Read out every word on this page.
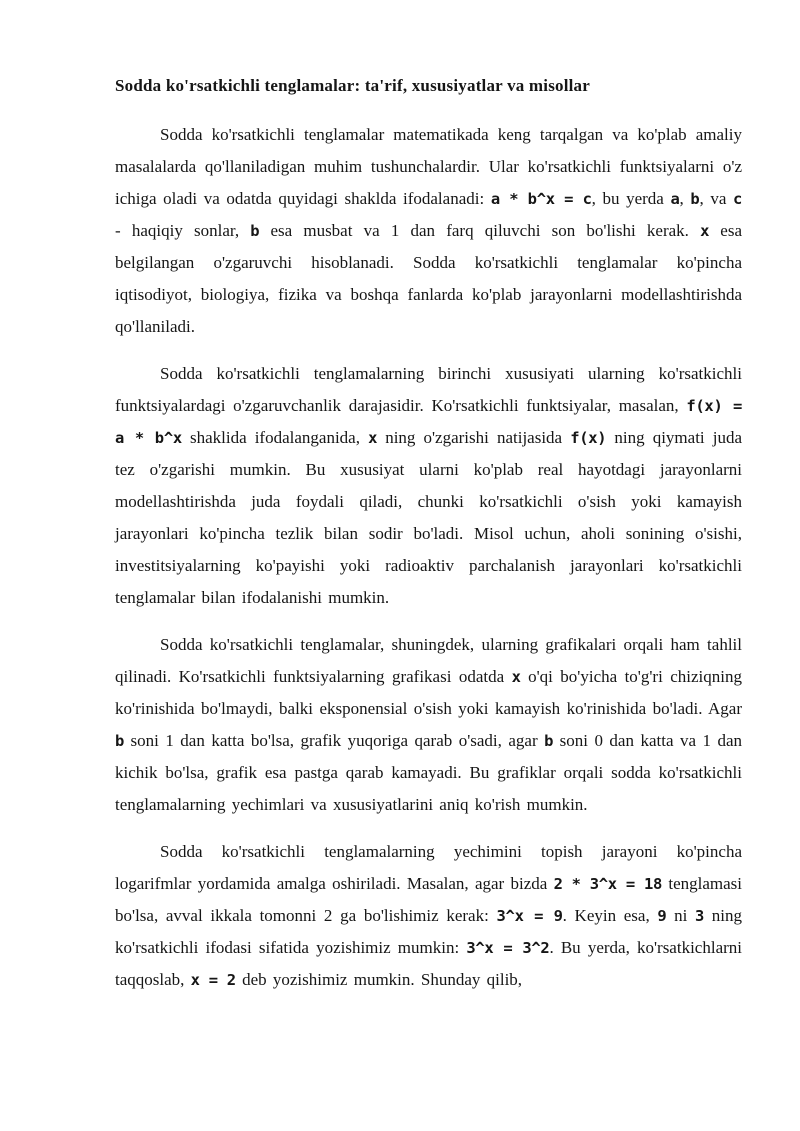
Sodda ko'rsatkichli tenglamalar: ta'rif, xususiyatlar va misollar

Sodda ko'rsatkichli tenglamalar matematikada keng tarqalgan va ko'plab amaliy masalalarda qo'llaniladigan muhim tushunchalardir. Ular ko'rsatkichli funktsiyalarni o'z ichiga oladi va odatda quyidagi shaklda ifodalanadi: a * b^x = c, bu yerda a, b, va c - haqiqiy sonlar, b esa musbat va 1 dan farq qiluvchi son bo'lishi kerak. x esa belgilangan o'zgaruvchi hisoblanadi. Sodda ko'rsatkichli tenglamalar ko'pincha iqtisodiyot, biologiya, fizika va boshqa fanlarda ko'plab jarayonlarni modellashtirishda qo'llaniladi.

Sodda ko'rsatkichli tenglamalarning birinchi xususiyati ularning ko'rsatkichli funktsiyalardagi o'zgaruvchanlik darajasidir. Ko'rsatkichli funktsiyalar, masalan, f(x) = a * b^x shaklida ifodalanganida, x ning o'zgarishi natijasida f(x) ning qiymati juda tez o'zgarishi mumkin. Bu xususiyat ularni ko'plab real hayotdagi jarayonlarni modellashtirishda juda foydali qiladi, chunki ko'rsatkichli o'sish yoki kamayish jarayonlari ko'pincha tezlik bilan sodir bo'ladi. Misol uchun, aholi sonining o'sishi, investitsiyalarning ko'payishi yoki radioaktiv parchalanish jarayonlari ko'rsatkichli tenglamalar bilan ifodalanishi mumkin.

Sodda ko'rsatkichli tenglamalar, shuningdek, ularning grafikalari orqali ham tahlil qilinadi. Ko'rsatkichli funktsiyalarning grafikasi odatda x o'qi bo'yicha to'g'ri chiziqning ko'rinishida bo'lmaydi, balki eksponensial o'sish yoki kamayish ko'rinishida bo'ladi. Agar b soni 1 dan katta bo'lsa, grafik yuqoriga qarab o'sadi, agar b soni 0 dan katta va 1 dan kichik bo'lsa, grafik esa pastga qarab kamayadi. Bu grafiklar orqali sodda ko'rsatkichli tenglamalarning yechimlari va xususiyatlarini aniq ko'rish mumkin.

Sodda ko'rsatkichli tenglamalarning yechimini topish jarayoni ko'pincha logarifmlar yordamida amalga oshiriladi. Masalan, agar bizda 2 * 3^x = 18 tenglamasi bo'lsa, avval ikkala tomonni 2 ga bo'lishimiz kerak: 3^x = 9. Keyin esa, 9 ni 3 ning ko'rsatkichli ifodasi sifatida yozishimiz mumkin: 3^x = 3^2. Bu yerda, ko'rsatkichlarni taqqoslab, x = 2 deb yozishimiz mumkin. Shunday qilib,
